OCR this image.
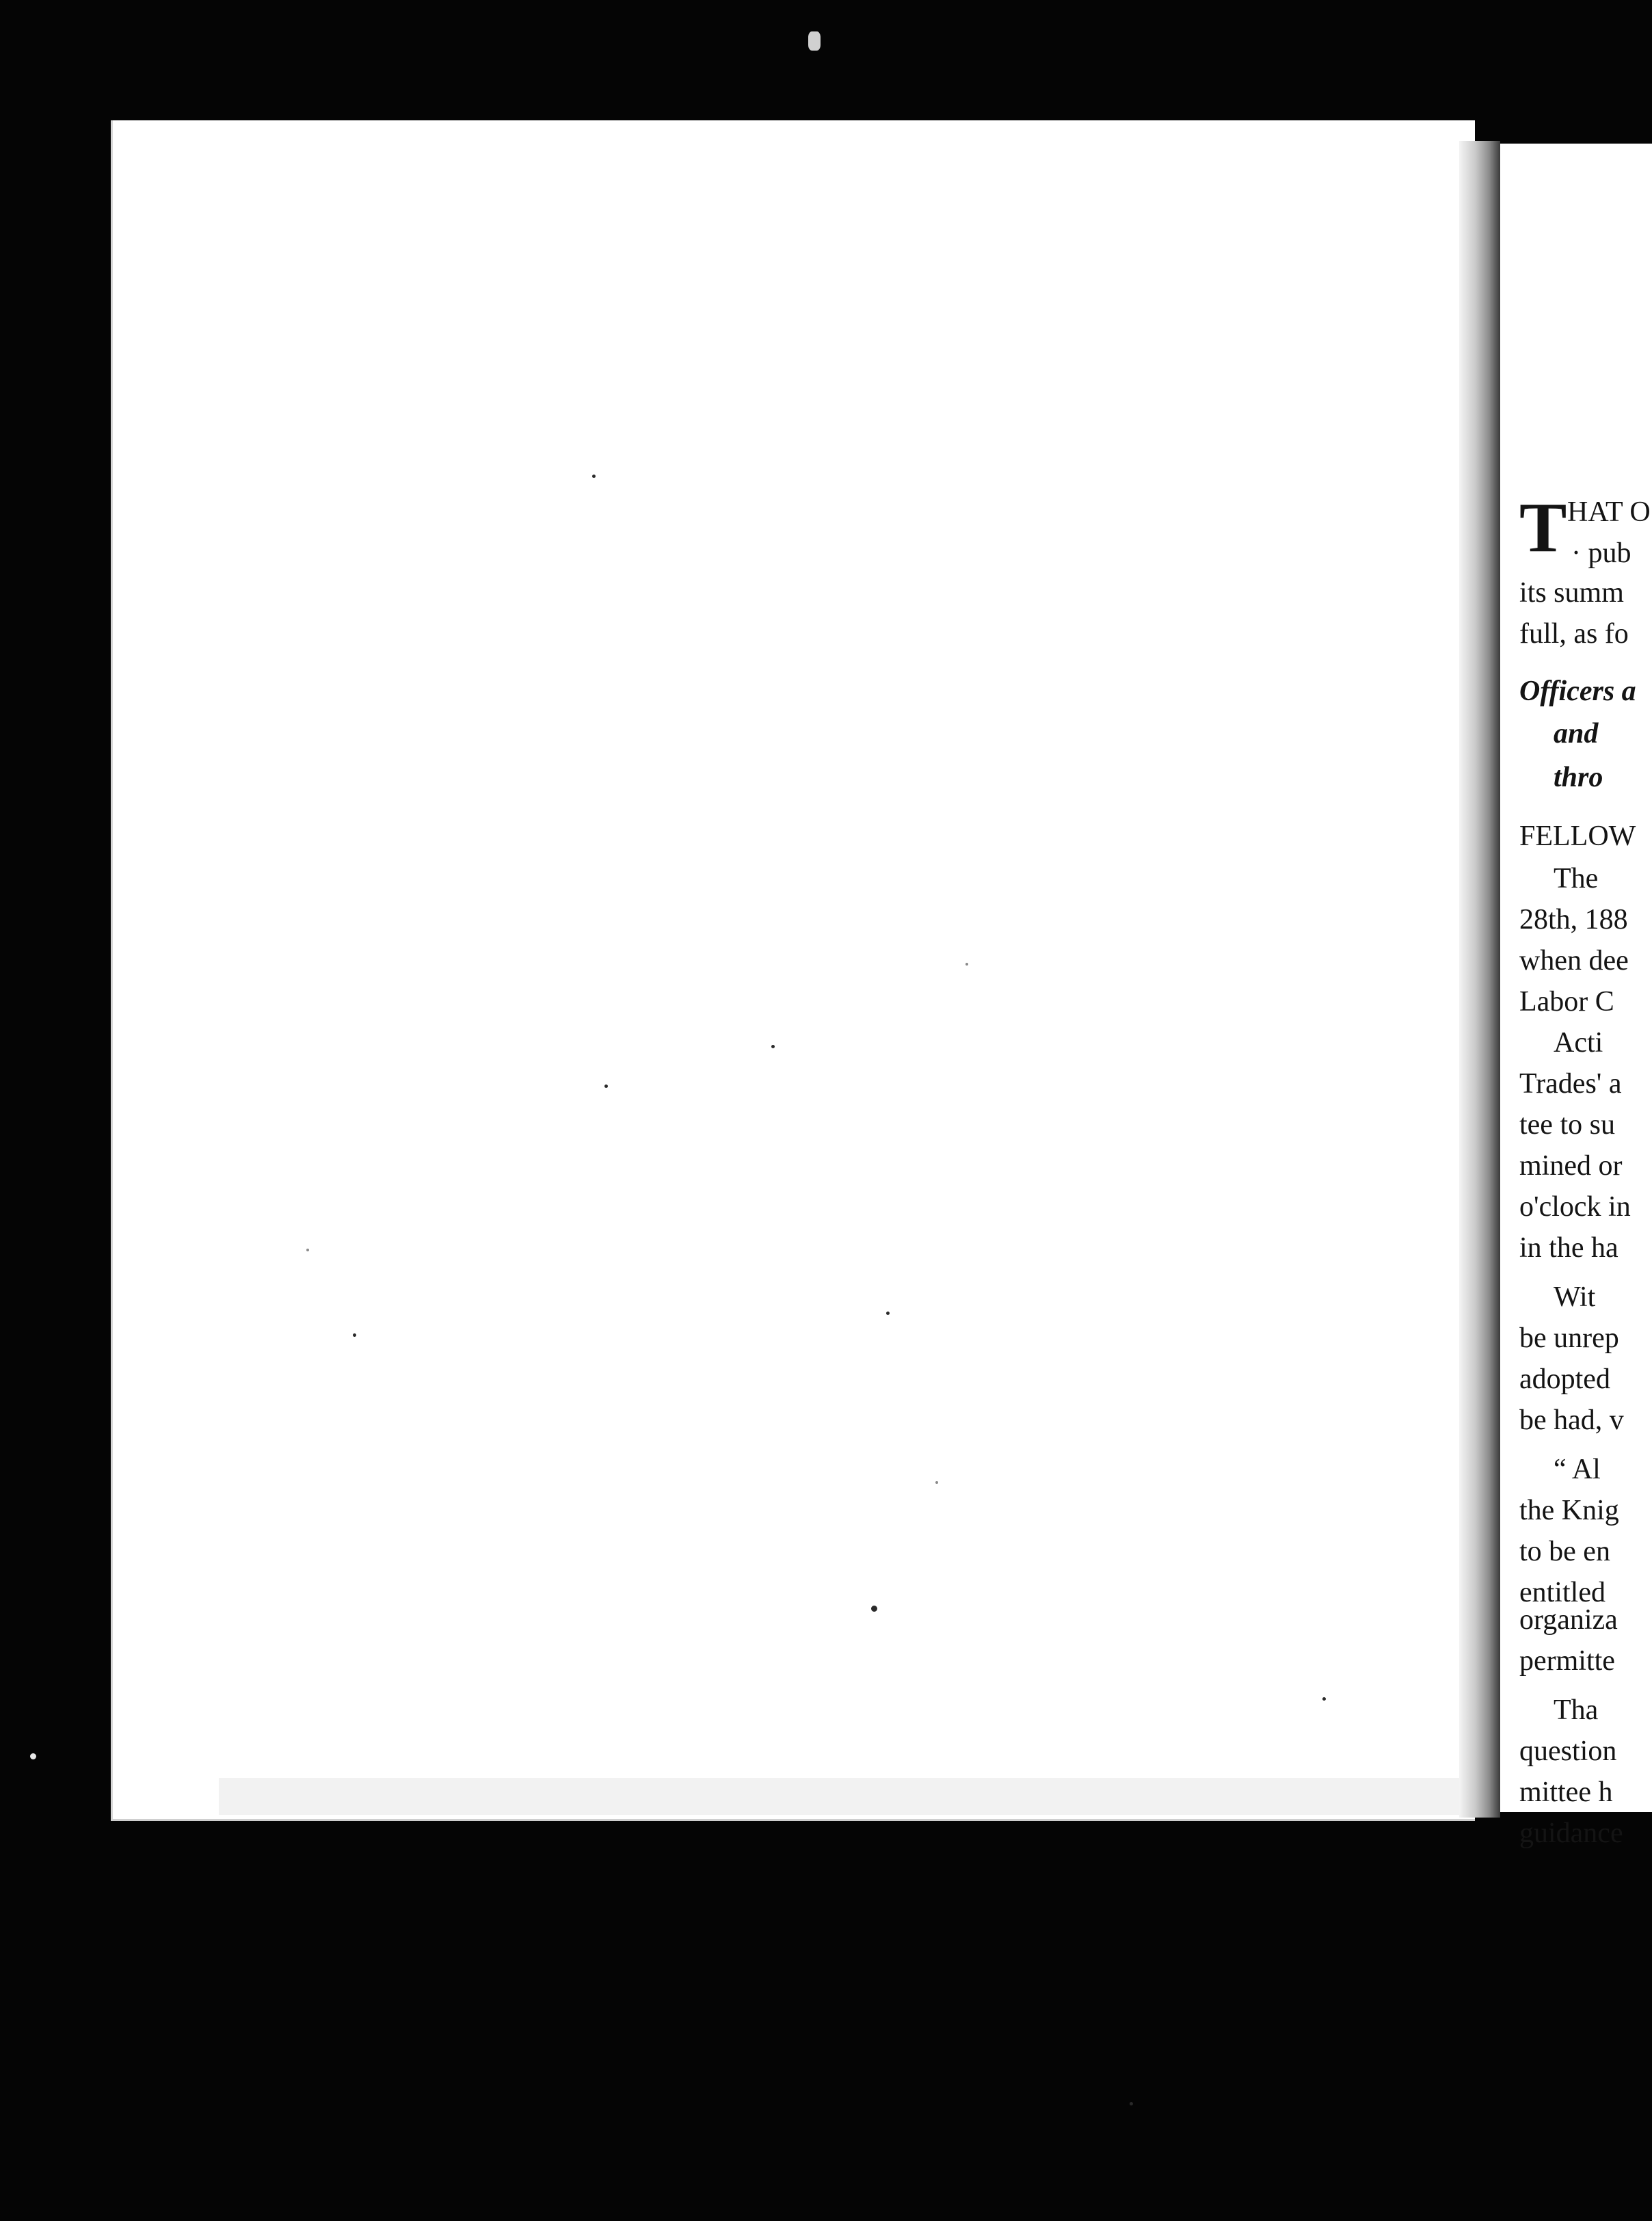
T HAT O
· pub
its summ
full, as fo
Officers a
and
thro
FELLOW
The
28th, 188
when dee
Labor C
Acti
Trades' a
tee to su
mined or
o'clock in
in the ha
Wit
be unrep
adopted
be had, v
“ Al
the Knig
to be en
entitled
organiza
permitte
Tha
question
mittee h
guidance
